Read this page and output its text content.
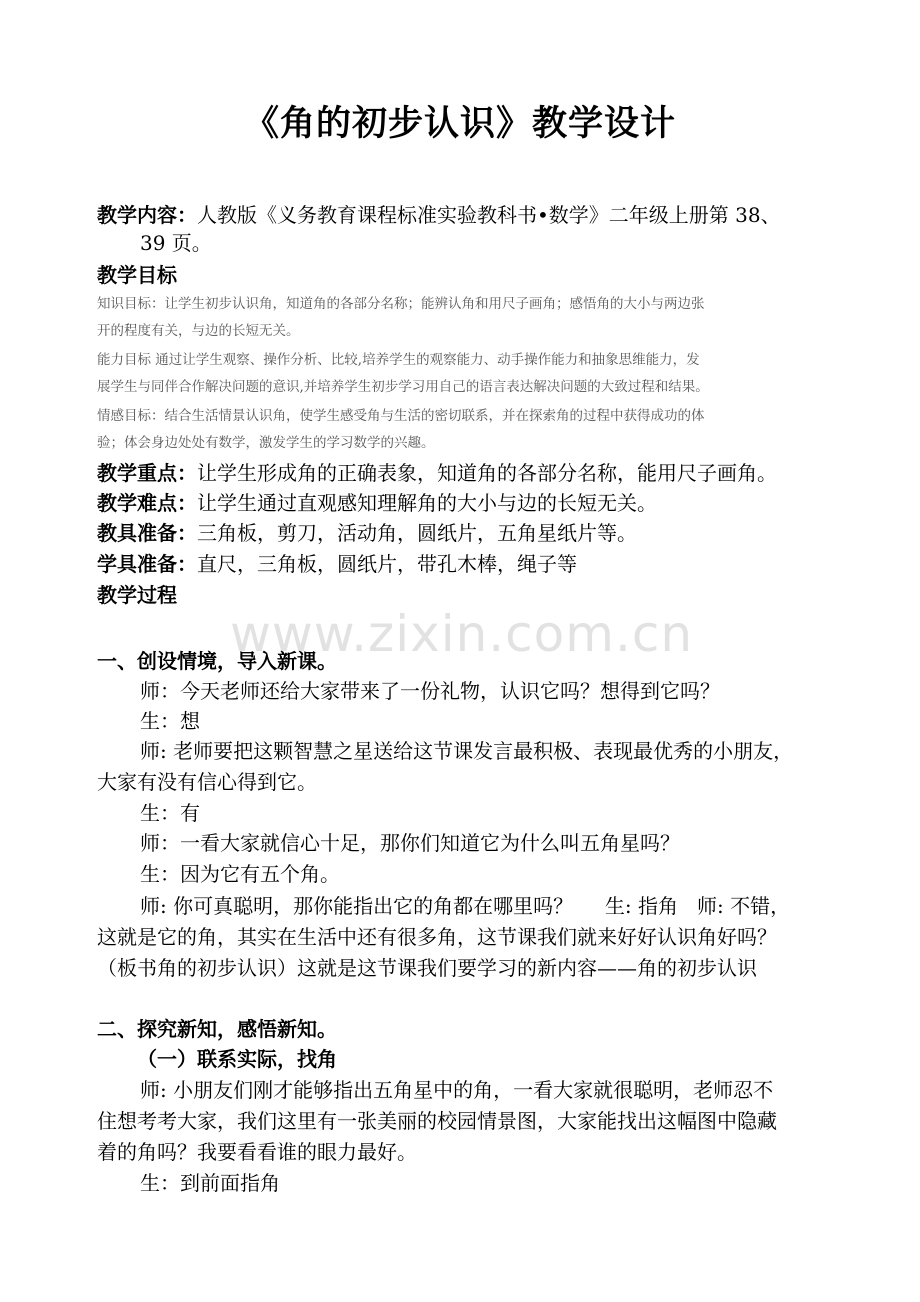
《角的初步认识》教学设计
教学内容：人教版《义务教育课程标准实验教科书•数学》二年级上册第 38、
39 页。
教学目标
知识目标：让学生初步认识角，知道角的各部分名称；能辨认角和用尺子画角；感悟角的大小与两边张
开的程度有关，与边的长短无关。
能力目标 通过让学生观察、操作分析、比较,培养学生的观察能力、动手操作能力和抽象思维能力，发
展学生与同伴合作解决问题的意识,并培养学生初步学习用自己的语言表达解决问题的大致过程和结果。
情感目标：结合生活情景认识角，使学生感受角与生活的密切联系，并在探索角的过程中获得成功的体
验；体会身边处处有数学，激发学生的学习数学的兴趣。
教学重点：让学生形成角的正确表象，知道角的各部分名称，能用尺子画角。
教学难点：让学生通过直观感知理解角的大小与边的长短无关。
教具准备：三角板，剪刀，活动角，圆纸片，五角星纸片等。
学具准备：直尺，三角板，圆纸片，带孔木棒，绳子等
教学过程
www.zixin.com.cn
一、创设情境，导入新课。
师：今天老师还给大家带来了一份礼物，认识它吗？想得到它吗？
生：想
师: 老师要把这颗智慧之星送给这节课发言最积极、表现最优秀的小朋友，
大家有没有信心得到它。
生：有
师：一看大家就信心十足，那你们知道它为什么叫五角星吗？
生：因为它有五个角。
师: 你可真聪明，那你能指出它的角都在哪里吗？     生: 指角   师: 不错，
这就是它的角，其实在生活中还有很多角，这节课我们就来好好认识角好吗？
（板书角的初步认识）这就是这节课我们要学习的新内容——角的初步认识
二、探究新知，感悟新知。
（一）联系实际，找角
师: 小朋友们刚才能够指出五角星中的角，一看大家就很聪明，老师忍不
住想考考大家，我们这里有一张美丽的校园情景图，大家能找出这幅图中隐藏
着的角吗？我要看看谁的眼力最好。
生：到前面指角
